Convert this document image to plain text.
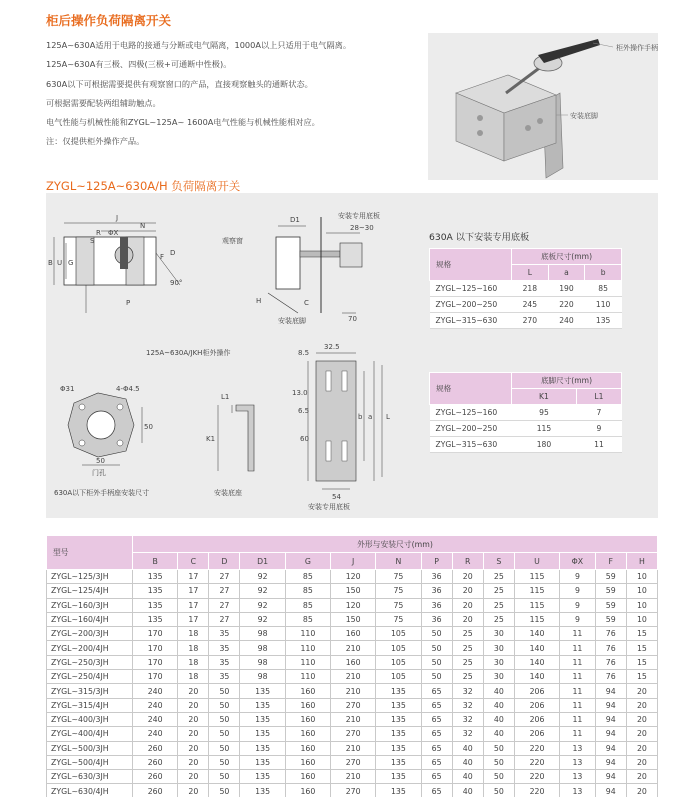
柜后操作负荷隔离开关

125A~630A适用于电路的接通与分断或电气隔离，1000A以上只适用于电气隔离。

125A~630A有三极、四极(三极+可通断中性极)。

630A以下可根据需要提供有观察窗口的产品，直接观察触头的通断状态。

可根据需要配装两组辅助触点。

电气性能与机械性能和ZYGL~125A~ 1600A电气性能与机械性能相对应。

注：仅提供柜外操作产品。

柜外操作手柄
安装底脚
ZYGL~125A~630A/H 负荷隔离开关
J
N
ΦX
R
S
B U G
D
F
P
90°
D1	安装专用底板
28~30
观察窗
H	C
安装底脚	70
125A~630A/JKH柜外操作
Φ31	4-Φ4.5
50
50
门孔
630A以下柜外手柄座安装尺寸
L1
K1
安装底座
8.5
32.5
13.0
6.5
60
b a L
54
安装专用底板
630A 以下安装专用底板
规格	底板尺寸(mm)		
	L	a	b
ZYGL~125~160	218	190	85
ZYGL~200~250	245	220	110
ZYGL~315~630	270	240	135
规格	底脚尺寸(mm)	
	K1	L1
ZYGL~125~160	95	7
ZYGL~200~250	115	9
ZYGL~315~630	180	11
型号	外形与安装尺寸(mm)													
	B	C	D	D1	G	J	N	P	R	S	U	ΦX	F	H
ZYGL~125/3JH	135	17	27	92	85	120	75	36	20	25	115	9	59	10
ZYGL~125/4JH	135	17	27	92	85	150	75	36	20	25	115	9	59	10
ZYGL~160/3JH	135	17	27	92	85	120	75	36	20	25	115	9	59	10
ZYGL~160/4JH	135	17	27	92	85	150	75	36	20	25	115	9	59	10
ZYGL~200/3JH	170	18	35	98	110	160	105	50	25	30	140	11	76	15
ZYGL~200/4JH	170	18	35	98	110	210	105	50	25	30	140	11	76	15
ZYGL~250/3JH	170	18	35	98	110	160	105	50	25	30	140	11	76	15
ZYGL~250/4JH	170	18	35	98	110	210	105	50	25	30	140	11	76	15
ZYGL~315/3JH	240	20	50	135	160	210	135	65	32	40	206	11	94	20
ZYGL~315/4JH	240	20	50	135	160	270	135	65	32	40	206	11	94	20
ZYGL~400/3JH	240	20	50	135	160	210	135	65	32	40	206	11	94	20
ZYGL~400/4JH	240	20	50	135	160	270	135	65	32	40	206	11	94	20
ZYGL~500/3JH	260	20	50	135	160	210	135	65	40	50	220	13	94	20
ZYGL~500/4JH	260	20	50	135	160	270	135	65	40	50	220	13	94	20
ZYGL~630/3JH	260	20	50	135	160	210	135	65	40	50	220	13	94	20
ZYGL~630/4JH	260	20	50	135	160	270	135	65	40	50	220	13	94	20
